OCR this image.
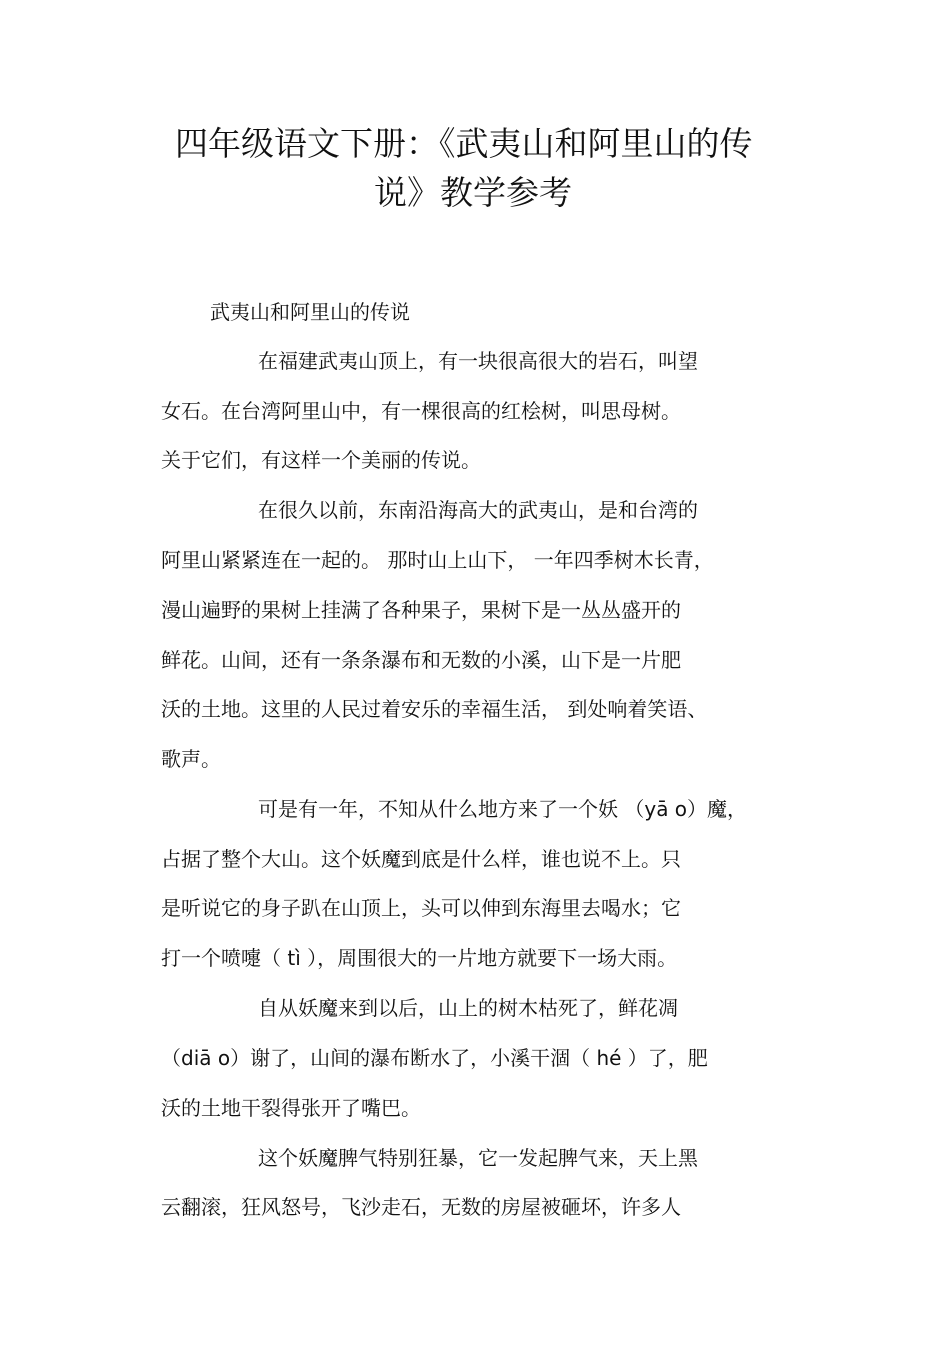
四年级语文下册：《武夷山和阿里山的传
说》教学参考
武夷山和阿里山的传说
在福建武夷山顶上，有一块很高很大的岩石，叫望
女石。在台湾阿里山中，有一棵很高的红桧树，叫思母树。
关于它们，有这样一个美丽的传说。
在很久以前，东南沿海高大的武夷山，是和台湾的
阿里山紧紧连在一起的。 那时山上山下， 一年四季树木长青，
漫山遍野的果树上挂满了各种果子，果树下是一丛丛盛开的
鲜花。山间，还有一条条瀑布和无数的小溪，山下是一片肥
沃的土地。这里的人民过着安乐的幸福生活， 到处响着笑语、
歌声。
可是有一年，不知从什么地方来了一个妖 （yā o）魔，
占据了整个大山。这个妖魔到底是什么样，谁也说不上。只
是听说它的身子趴在山顶上，头可以伸到东海里去喝水；它
打一个喷嚏（ tì ），周围很大的一片地方就要下一场大雨。
自从妖魔来到以后，山上的树木枯死了，鲜花凋
（diā o）谢了，山间的瀑布断水了，小溪干涸（ hé ）了，肥
沃的土地干裂得张开了嘴巴。
这个妖魔脾气特别狂暴，它一发起脾气来，天上黑
云翻滚，狂风怒号，飞沙走石，无数的房屋被砸坏，许多人
